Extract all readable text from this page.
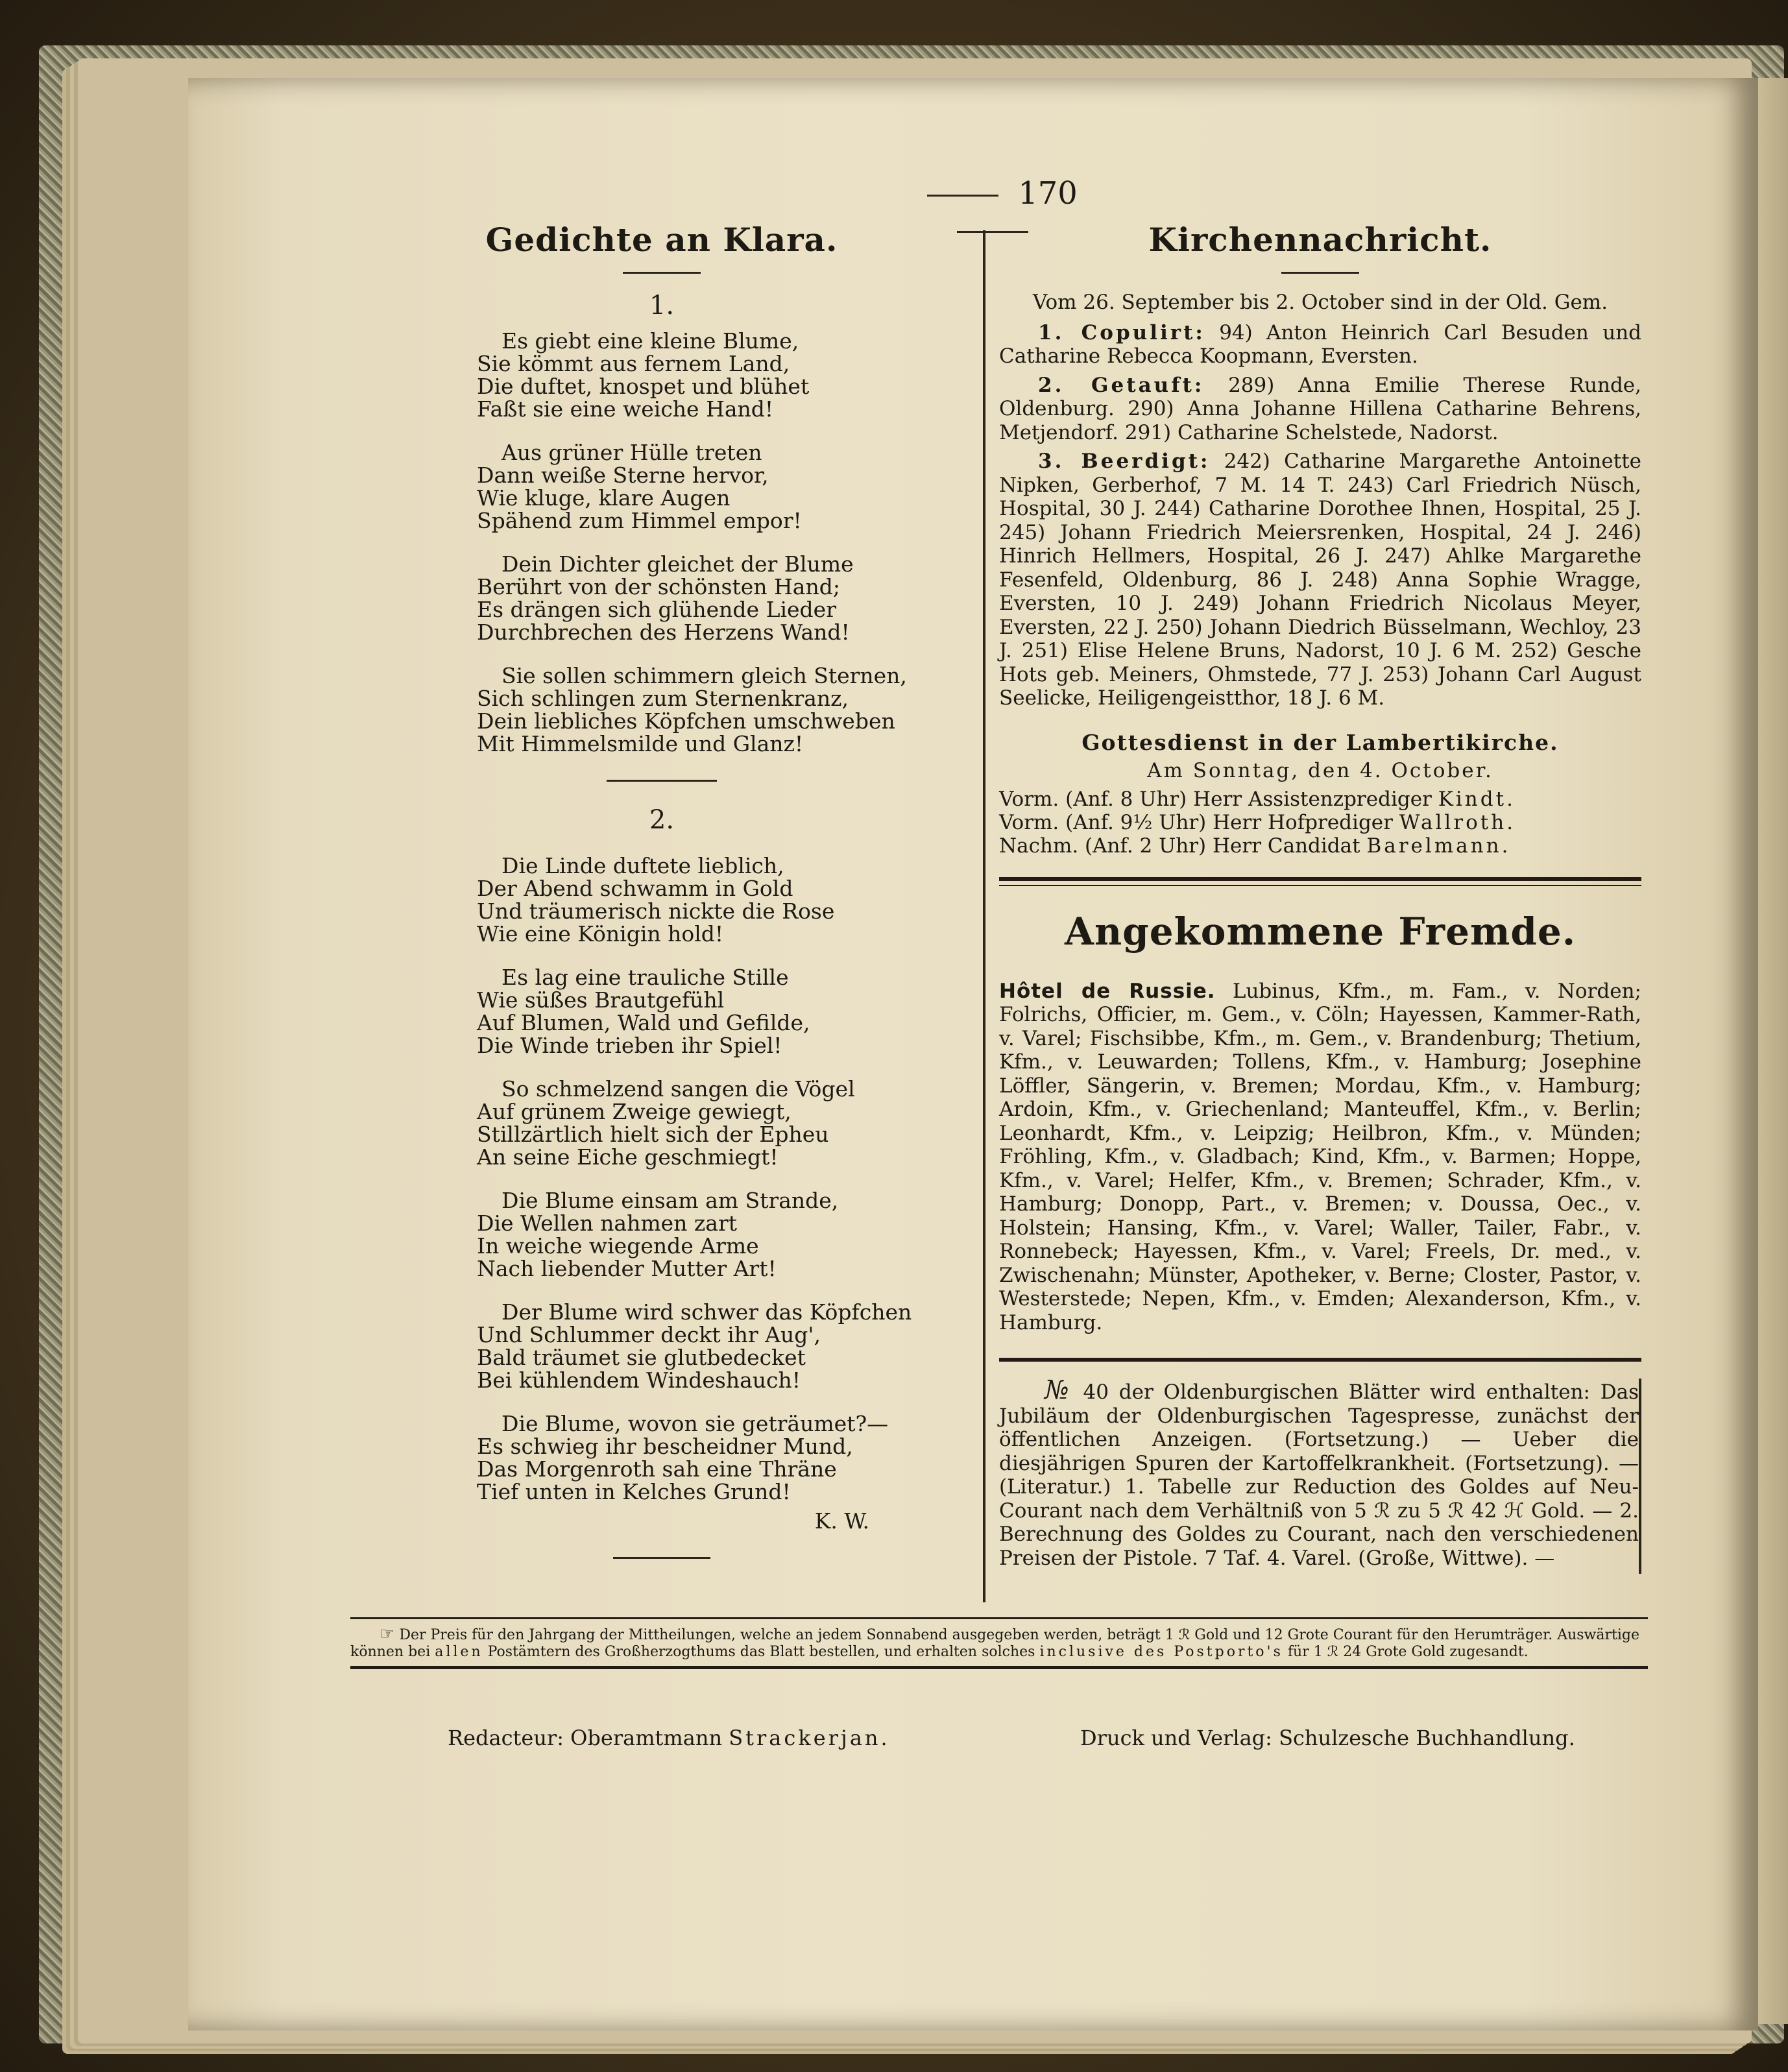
170
Gedichte an Klara.
1.
Es giebt eine kleine Blume,
Sie kömmt aus fernem Land,
Die duftet, knospet und blühet
Faßt sie eine weiche Hand!
Aus grüner Hülle treten
Dann weiße Sterne hervor,
Wie kluge, klare Augen
Spähend zum Himmel empor!
Dein Dichter gleichet der Blume
Berührt von der schönsten Hand;
Es drängen sich glühende Lieder
Durchbrechen des Herzens Wand!
Sie sollen schimmern gleich Sternen,
Sich schlingen zum Sternenkranz,
Dein liebliches Köpfchen umschweben
Mit Himmelsmilde und Glanz!
2.
Die Linde duftete lieblich,
Der Abend schwamm in Gold
Und träumerisch nickte die Rose
Wie eine Königin hold!
Es lag eine trauliche Stille
Wie süßes Brautgefühl
Auf Blumen, Wald und Gefilde,
Die Winde trieben ihr Spiel!
So schmelzend sangen die Vögel
Auf grünem Zweige gewiegt,
Stillzärtlich hielt sich der Epheu
An seine Eiche geschmiegt!
Die Blume einsam am Strande,
Die Wellen nahmen zart
In weiche wiegende Arme
Nach liebender Mutter Art!
Der Blume wird schwer das Köpfchen
Und Schlummer deckt ihr Aug',
Bald träumet sie glutbedecket
Bei kühlendem Windeshauch!
Die Blume, wovon sie geträumet?—
Es schwieg ihr bescheidner Mund,
Das Morgenroth sah eine Thräne
Tief unten in Kelches Grund!
K. W.
Kirchennachricht.

Vom 26. September bis 2. October sind in der Old. Gem.

1. Copulirt: 94) Anton Heinrich Carl Besuden und Catharine Rebecca Koopmann, Eversten.

2. Getauft: 289) Anna Emilie Therese Runde, Oldenburg. 290) Anna Johanne Hillena Catharine Behrens, Metjendorf. 291) Catharine Schelstede, Nadorst.

3. Beerdigt: 242) Catharine Margarethe Antoinette Nipken, Gerberhof, 7 M. 14 T. 243) Carl Friedrich Nüsch, Hospital, 30 J. 244) Catharine Dorothee Ihnen, Hospital, 25 J. 245) Johann Friedrich Meiersrenken, Hospital, 24 J. 246) Hinrich Hellmers, Hospital, 26 J. 247) Ahlke Margarethe Fesenfeld, Oldenburg, 86 J. 248) Anna Sophie Wragge, Eversten, 10 J. 249) Johann Friedrich Nicolaus Meyer, Eversten, 22 J. 250) Johann Diedrich Büsselmann, Wechloy, 23 J. 251) Elise Helene Bruns, Nadorst, 10 J. 6 M. 252) Gesche Hots geb. Meiners, Ohmstede, 77 J. 253) Johann Carl August Seelicke, Heiligengeistthor, 18 J. 6 M.

Gottesdienst in der Lambertikirche.
Am Sonntag, den 4. October.
Vorm. (Anf. 8 Uhr) Herr Assistenzprediger Kindt.
Vorm. (Anf. 9½ Uhr) Herr Hofprediger Wallroth.
Nachm. (Anf. 2 Uhr) Herr Candidat Barelmann.
Angekommene Fremde.

Hôtel de Russie. Lubinus, Kfm., m. Fam., v. Norden; Folrichs, Officier, m. Gem., v. Cöln; Hayessen, Kammer-Rath, v. Varel; Fischsibbe, Kfm., m. Gem., v. Brandenburg; Thetium, Kfm., v. Leuwarden; Tollens, Kfm., v. Hamburg; Josephine Löffler, Sängerin, v. Bremen; Mordau, Kfm., v. Hamburg; Ardoin, Kfm., v. Griechenland; Manteuffel, Kfm., v. Berlin; Leonhardt, Kfm., v. Leipzig; Heilbron, Kfm., v. Münden; Fröhling, Kfm., v. Gladbach; Kind, Kfm., v. Barmen; Hoppe, Kfm., v. Varel; Helfer, Kfm., v. Bremen; Schrader, Kfm., v. Hamburg; Donopp, Part., v. Bremen; v. Doussa, Oec., v. Holstein; Hansing, Kfm., v. Varel; Waller, Tailer, Fabr., v. Ronnebeck; Hayessen, Kfm., v. Varel; Freels, Dr. med., v. Zwischenahn; Münster, Apotheker, v. Berne; Closter, Pastor, v. Westerstede; Nepen, Kfm., v. Emden; Alexanderson, Kfm., v. Hamburg.

№ 40 der Oldenburgischen Blätter wird enthalten: Das Jubiläum der Oldenburgischen Tagespresse, zunächst der öffentlichen Anzeigen. (Fortsetzung.) — Ueber die diesjährigen Spuren der Kartoffelkrankheit. (Fortsetzung). — (Literatur.) 1. Tabelle zur Reduction des Goldes auf Neu-Courant nach dem Verhältniß von 5 ℛ zu 5 ℛ 42 ℋ Gold. — 2. Berechnung des Goldes zu Courant, nach den verschiedenen Preisen der Pistole. 7 Taf. 4. Varel. (Große, Wittwe). —

☞ Der Preis für den Jahrgang der Mittheilungen, welche an jedem Sonnabend ausgegeben werden, beträgt 1 ℛ Gold und 12 Grote Courant für den Herumträger. Auswärtige können bei allen Postämtern des Großherzogthums das Blatt bestellen, und erhalten solches inclusive des Postporto's für 1 ℛ 24 Grote Gold zugesandt.
Redacteur: Oberamtmann Strackerjan.	Druck und Verlag: Schulzesche Buchhandlung.
